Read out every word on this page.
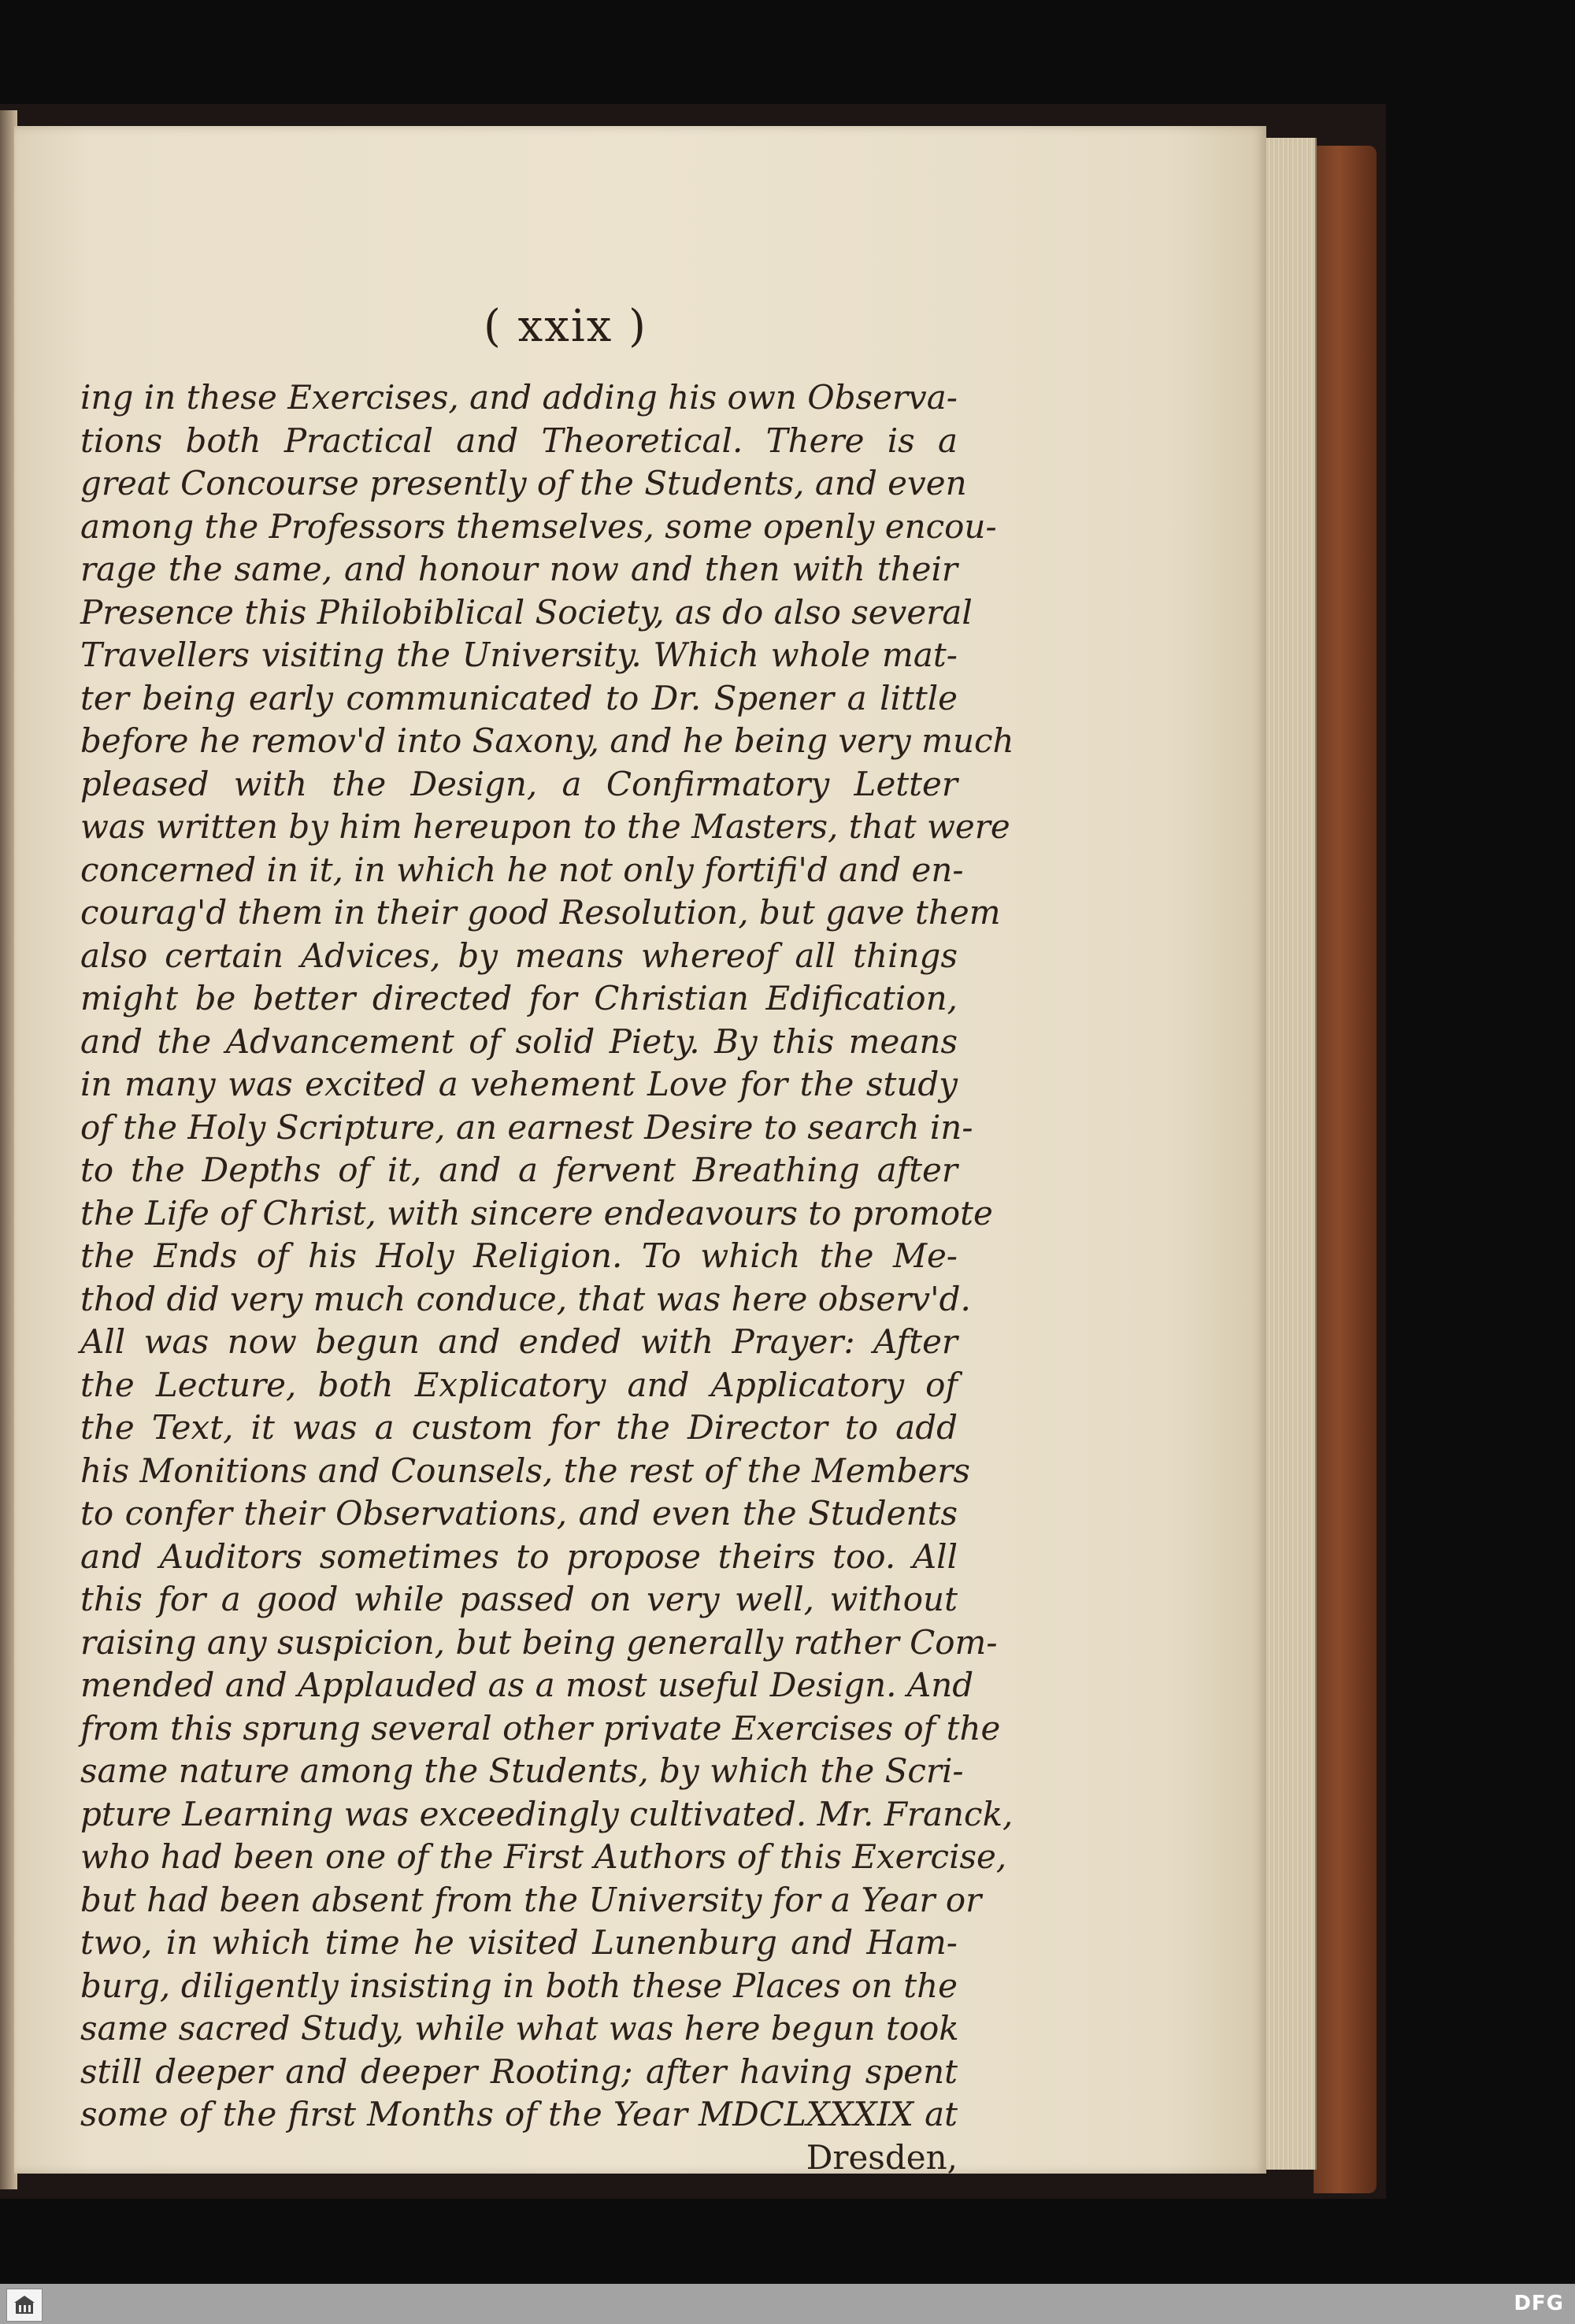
( xxix )
ing in these Exercises, and adding his own Observa-
tions both Practical and Theoretical. There is a
great Concourse presently of the Students, and even
among the Professors themselves, some openly encou-
rage the same, and honour now and then with their
Presence this Philobiblical Society, as do also several
Travellers visiting the University. Which whole mat-
ter being early communicated to Dr. Spener a little
before he remov'd into Saxony, and he being very much
pleased with the Design, a Confirmatory Letter
was written by him hereupon to the Masters, that were
concerned in it, in which he not only fortifi'd and en-
courag'd them in their good Resolution, but gave them
also certain Advices, by means whereof all things
might be better directed for Christian Edification,
and the Advancement of solid Piety. By this means
in many was excited a vehement Love for the study
of the Holy Scripture, an earnest Desire to search in-
to the Depths of it, and a fervent Breathing after
the Life of Christ, with sincere endeavours to promote
the Ends of his Holy Religion. To which the Me-
thod did very much conduce, that was here observ'd.
All was now begun and ended with Prayer: After
the Lecture, both Explicatory and Applicatory of
the Text, it was a custom for the Director to add
his Monitions and Counsels, the rest of the Members
to confer their Observations, and even the Students
and Auditors sometimes to propose theirs too. All
this for a good while passed on very well, without
raising any suspicion, but being generally rather Com-
mended and Applauded as a most useful Design. And
from this sprung several other private Exercises of the
same nature among the Students, by which the Scri-
pture Learning was exceedingly cultivated. Mr. Franck,
who had been one of the First Authors of this Exercise,
but had been absent from the University for a Year or
two, in which time he visited Lunenburg and Ham-
burg, diligently insisting in both these Places on the
same sacred Study, while what was here begun took
still deeper and deeper Rooting; after having spent
some of the first Months of the Year MDCLXXXIX at
Dresden,
DFG
